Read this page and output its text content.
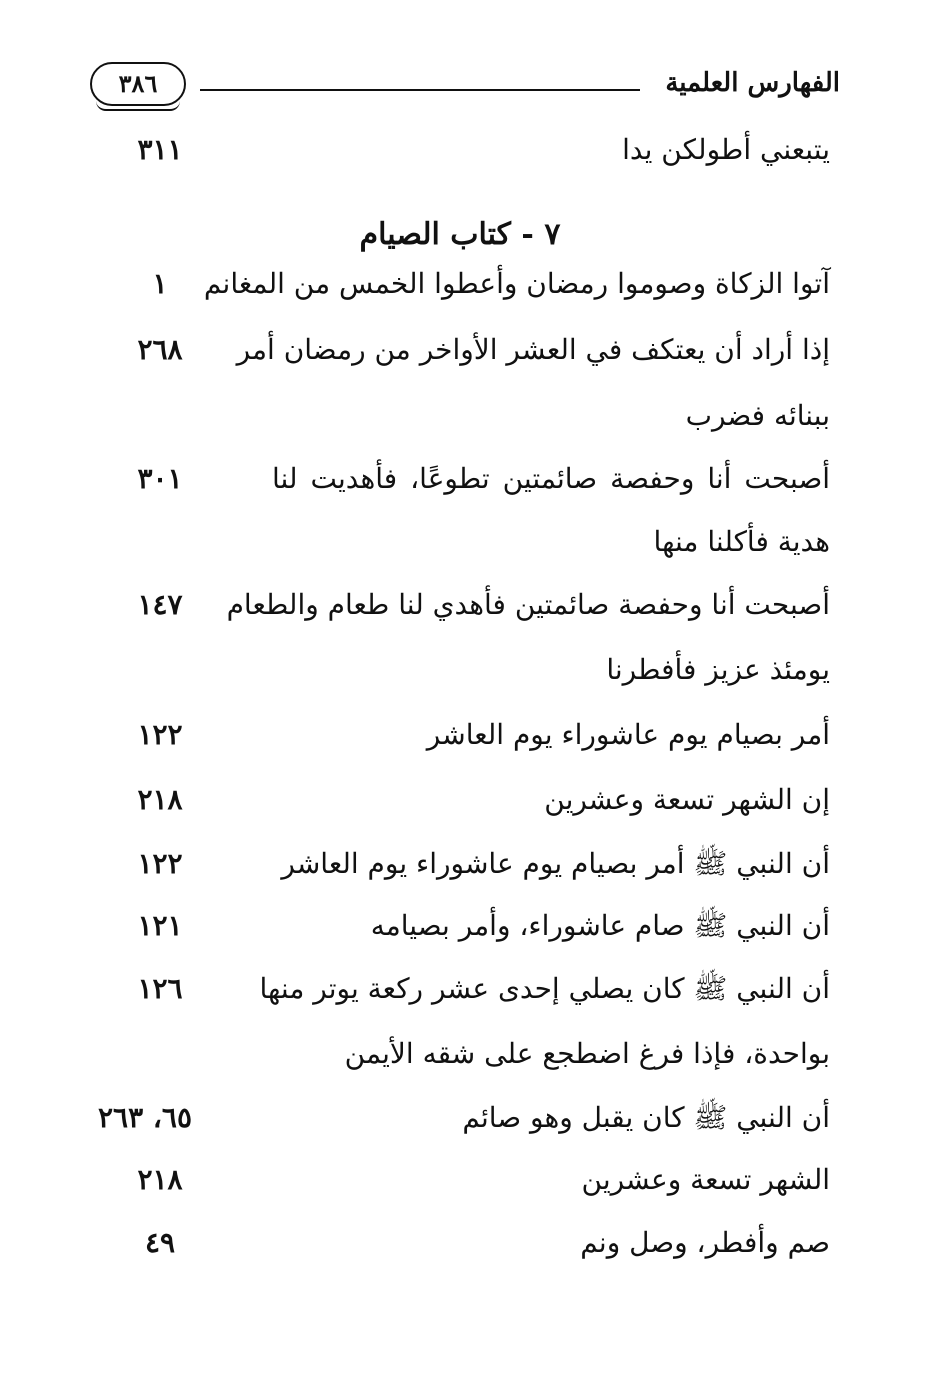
الفهارس العلمية
٣٨٦
يتبعني أطولكن يدا
٣١١
٧ - كتاب الصيام
آتوا الزكاة وصوموا رمضان وأعطوا الخمس من المغانم
١
إذا أراد أن يعتكف في العشر الأواخر من رمضان أمر
٢٦٨
ببنائه فضرب
أصبحت أنا وحفصة صائمتين تطوعًا، فأهديت لنا
٣٠١
هدية فأكلنا منها
أصبحت أنا وحفصة صائمتين فأهدي لنا طعام والطعام
١٤٧
يومئذ عزيز فأفطرنا
أمر بصيام يوم عاشوراء يوم العاشر
١٢٢
إن الشهر تسعة وعشرين
٢١٨
أن النبي ﷺ أمر بصيام يوم عاشوراء يوم العاشر
١٢٢
أن النبي ﷺ صام عاشوراء، وأمر بصيامه
١٢١
أن النبي ﷺ كان يصلي إحدى عشر ركعة يوتر منها
١٢٦
بواحدة، فإذا فرغ اضطجع على شقه الأيمن
أن النبي ﷺ كان يقبل وهو صائم
٦٥، ٢٦٣
الشهر تسعة وعشرين
٢١٨
صم وأفطر، وصل ونم
٤٩
